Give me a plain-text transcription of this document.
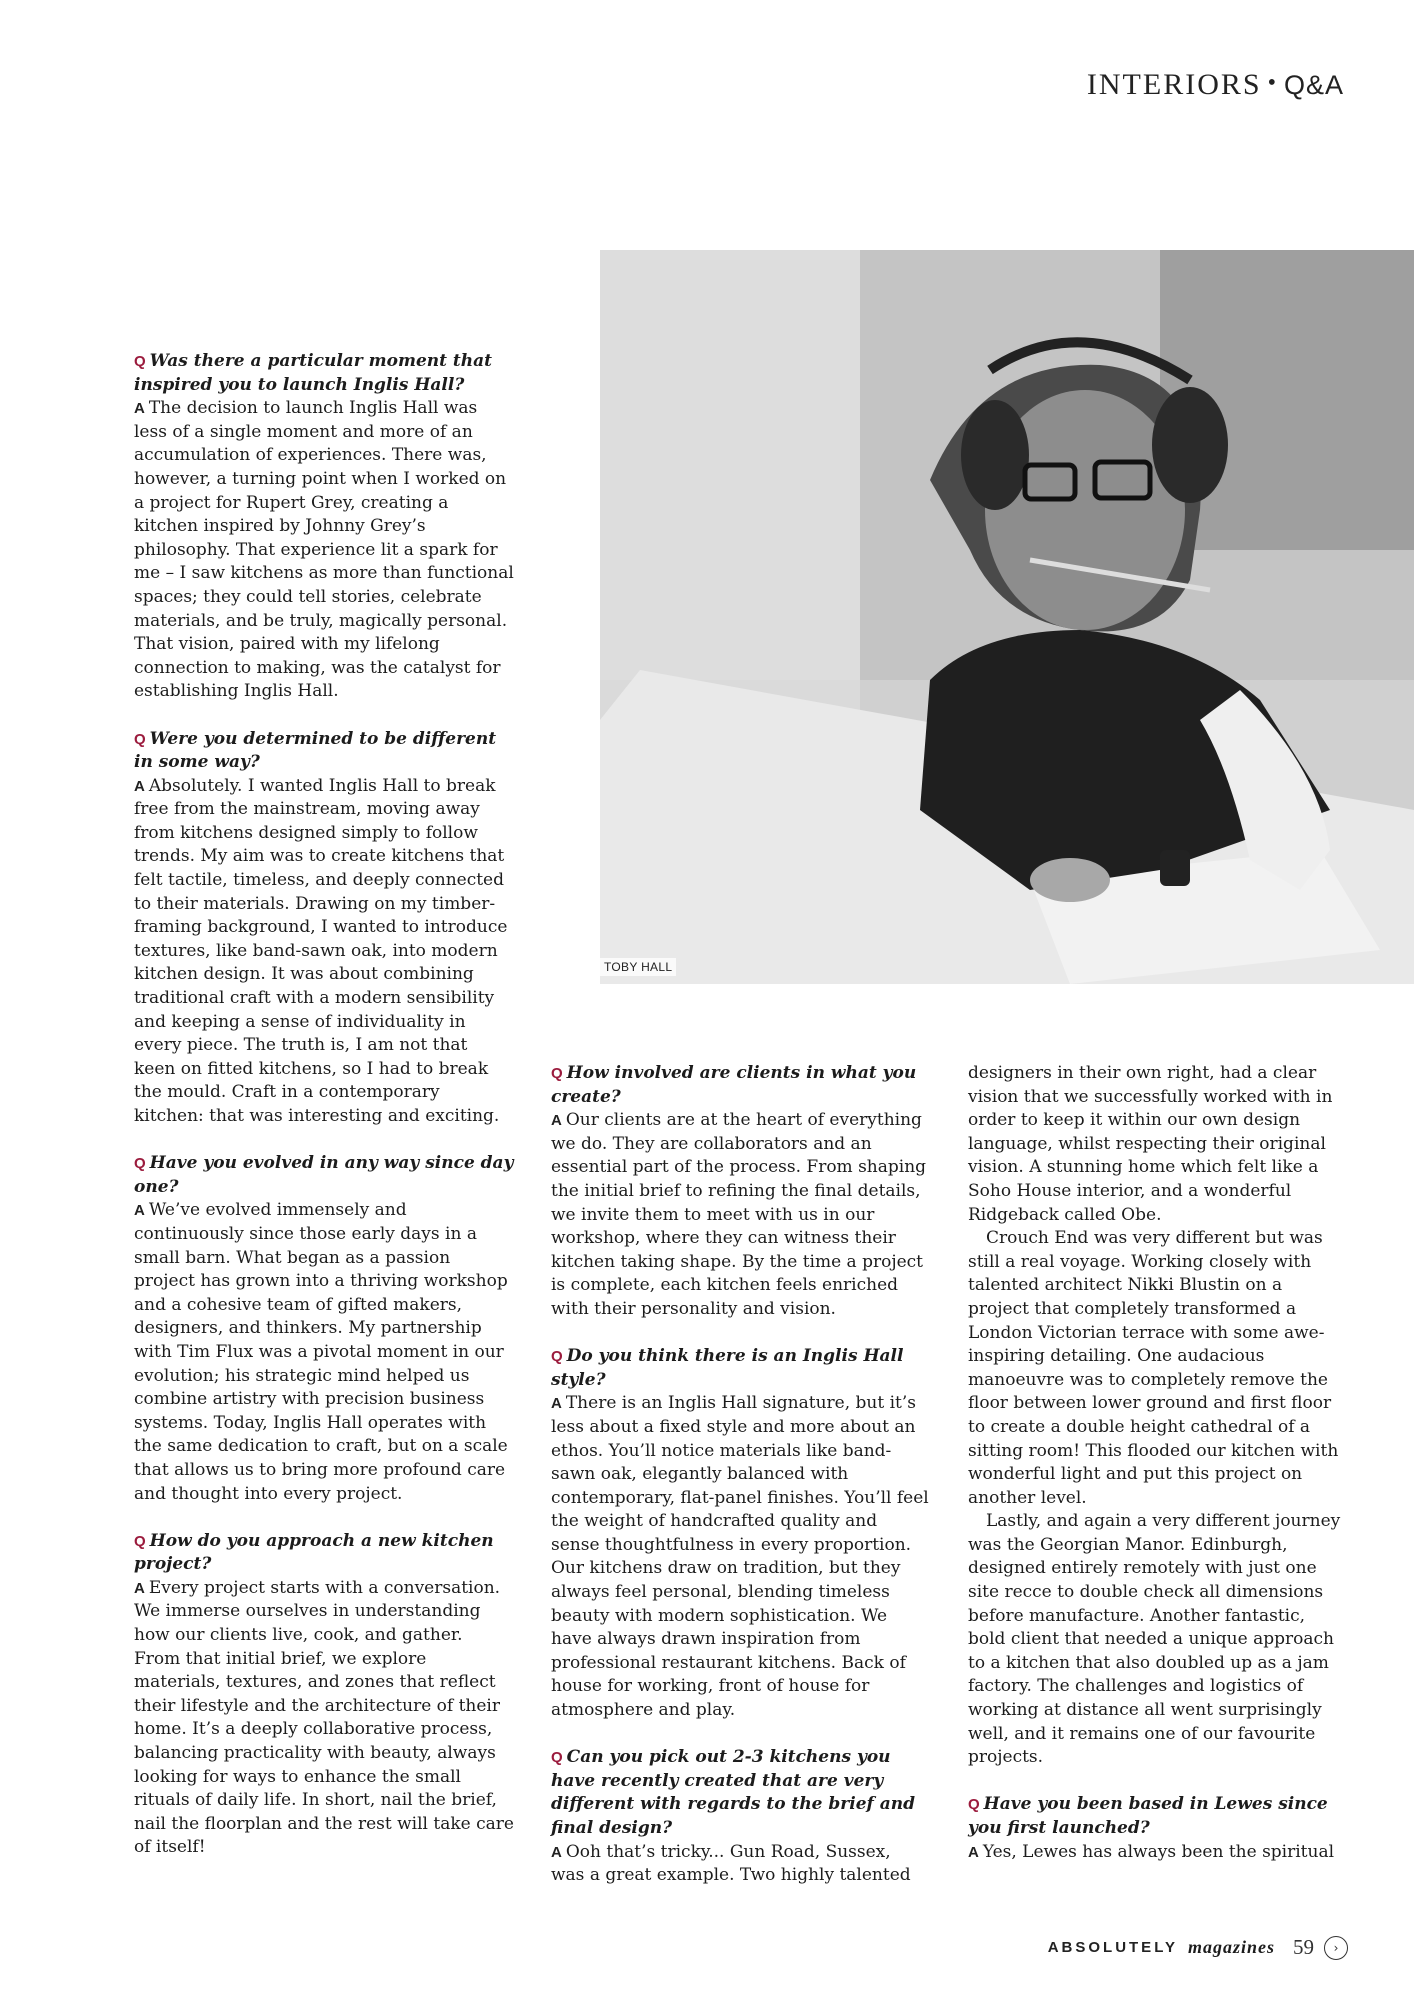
INTERIORS • Q&A
TOBY HALL
Q Was there a particular moment that inspired you to launch Inglis Hall?

A The decision to launch Inglis Hall was less of a single moment and more of an accumulation of experiences. There was, however, a turning point when I worked on a project for Rupert Grey, creating a kitchen inspired by Johnny Grey’s philosophy. That experience lit a spark for me – I saw kitchens as more than functional spaces; they could tell stories, celebrate materials, and be truly, magically personal. That vision, paired with my lifelong connection to making, was the catalyst for establishing Inglis Hall.

Q Were you determined to be different in some way?

A Absolutely. I wanted Inglis Hall to break free from the mainstream, moving away from kitchens designed simply to follow trends. My aim was to create kitchens that felt tactile, timeless, and deeply connected to their materials. Drawing on my timber-framing background, I wanted to introduce textures, like band-sawn oak, into modern kitchen design. It was about combining traditional craft with a modern sensibility and keeping a sense of individuality in every piece. The truth is, I am not that keen on fitted kitchens, so I had to break the mould. Craft in a contemporary kitchen: that was interesting and exciting.

Q Have you evolved in any way since day one?

A We’ve evolved immensely and continuously since those early days in a small barn. What began as a passion project has grown into a thriving workshop and a cohesive team of gifted makers, designers, and thinkers. My partnership with Tim Flux was a pivotal moment in our evolution; his strategic mind helped us combine artistry with precision business systems. Today, Inglis Hall operates with the same dedication to craft, but on a scale that allows us to bring more profound care and thought into every project.

Q How do you approach a new kitchen project?

A Every project starts with a conversation. We immerse ourselves in understanding how our clients live, cook, and gather. From that initial brief, we explore materials, textures, and zones that reflect their lifestyle and the architecture of their home. It’s a deeply collaborative process, balancing practicality with beauty, always looking for ways to enhance the small rituals of daily life. In short, nail the brief, nail the floorplan and the rest will take care of itself!

Q How involved are clients in what you create?

A Our clients are at the heart of everything we do. They are collaborators and an essential part of the process. From shaping the initial brief to refining the final details, we invite them to meet with us in our workshop, where they can witness their kitchen taking shape. By the time a project is complete, each kitchen feels enriched with their personality and vision.

Q Do you think there is an Inglis Hall style?

A There is an Inglis Hall signature, but it’s less about a fixed style and more about an ethos. You’ll notice materials like band-sawn oak, elegantly balanced with contemporary, flat-panel finishes. You’ll feel the weight of handcrafted quality and sense thoughtfulness in every proportion. Our kitchens draw on tradition, but they always feel personal, blending timeless beauty with modern sophistication. We have always drawn inspiration from professional restaurant kitchens. Back of house for working, front of house for atmosphere and play.

Q Can you pick out 2-3 kitchens you have recently created that are very different with regards to the brief and final design?

A Ooh that’s tricky... Gun Road, Sussex, was a great example. Two highly talented

designers in their own right, had a clear vision that we successfully worked with in order to keep it within our own design language, whilst respecting their original vision. A stunning home which felt like a Soho House interior, and a wonderful Ridgeback called Obe.

Crouch End was very different but was still a real voyage. Working closely with talented architect Nikki Blustin on a project that completely transformed a London Victorian terrace with some awe-inspiring detailing. One audacious manoeuvre was to completely remove the floor between lower ground and first floor to create a double height cathedral of a sitting room! This flooded our kitchen with wonderful light and put this project on another level.

Lastly, and again a very different journey was the Georgian Manor. Edinburgh, designed entirely remotely with just one site recce to double check all dimensions before manufacture. Another fantastic, bold client that needed a unique approach to a kitchen that also doubled up as a jam factory. The challenges and logistics of working at distance all went surprisingly well, and it remains one of our favourite projects.

Q Have you been based in Lewes since you first launched?

A Yes, Lewes has always been the spiritual

ABSOLUTELY magazines 59	›
